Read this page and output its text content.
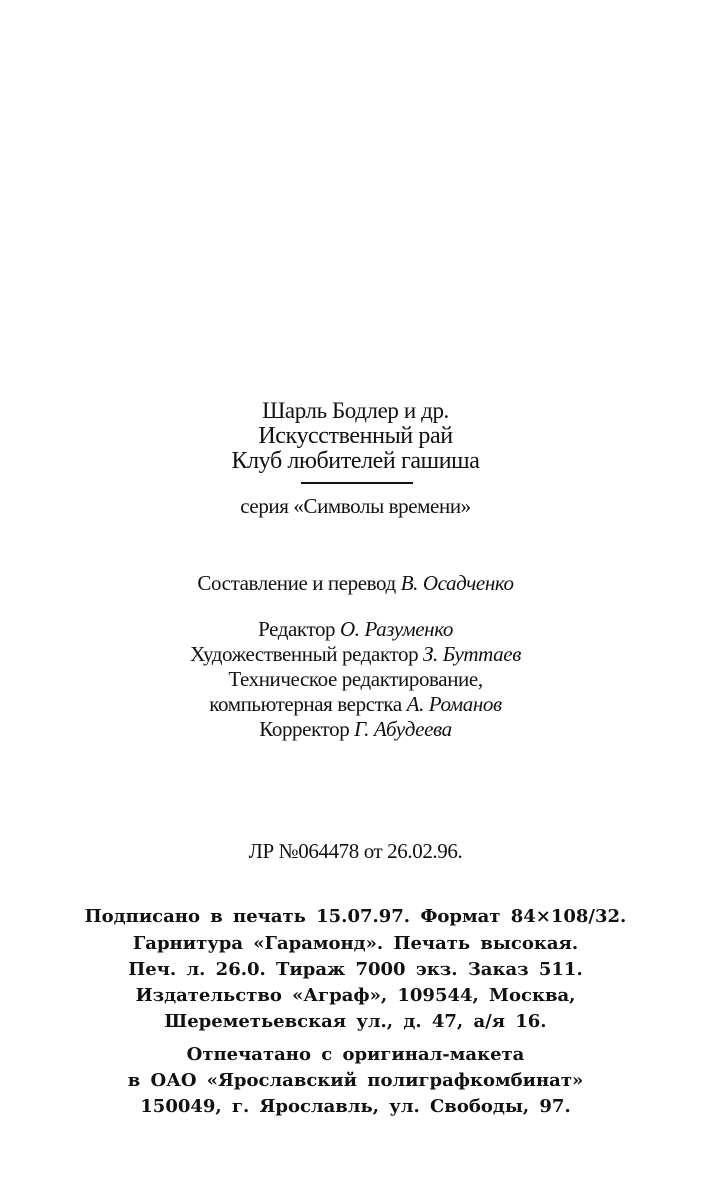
Шарль Бодлер и др.
Искусственный рай
Клуб любителей гашиша
серия «Символы времени»
Составление и перевод В. Осадченко
Редактор О. Разуменко
Художественный редактор З. Буттаев
Техническое редактирование,
компьютерная верстка А. Романов
Корректор Г. Абудеева
ЛР №064478 от 26.02.96.
Подписано в печать 15.07.97. Формат 84×108/32.
Гарнитура «Гарамонд». Печать высокая.
Печ. л. 26.0. Тираж 7000 экз. Заказ 511.
Издательство «Аграф», 109544, Москва,
Шереметьевская ул., д. 47, а/я 16.
Отпечатано с оригинал-макета
в ОАО «Ярославский полиграфкомбинат»
150049, г. Ярославль, ул. Свободы, 97.
